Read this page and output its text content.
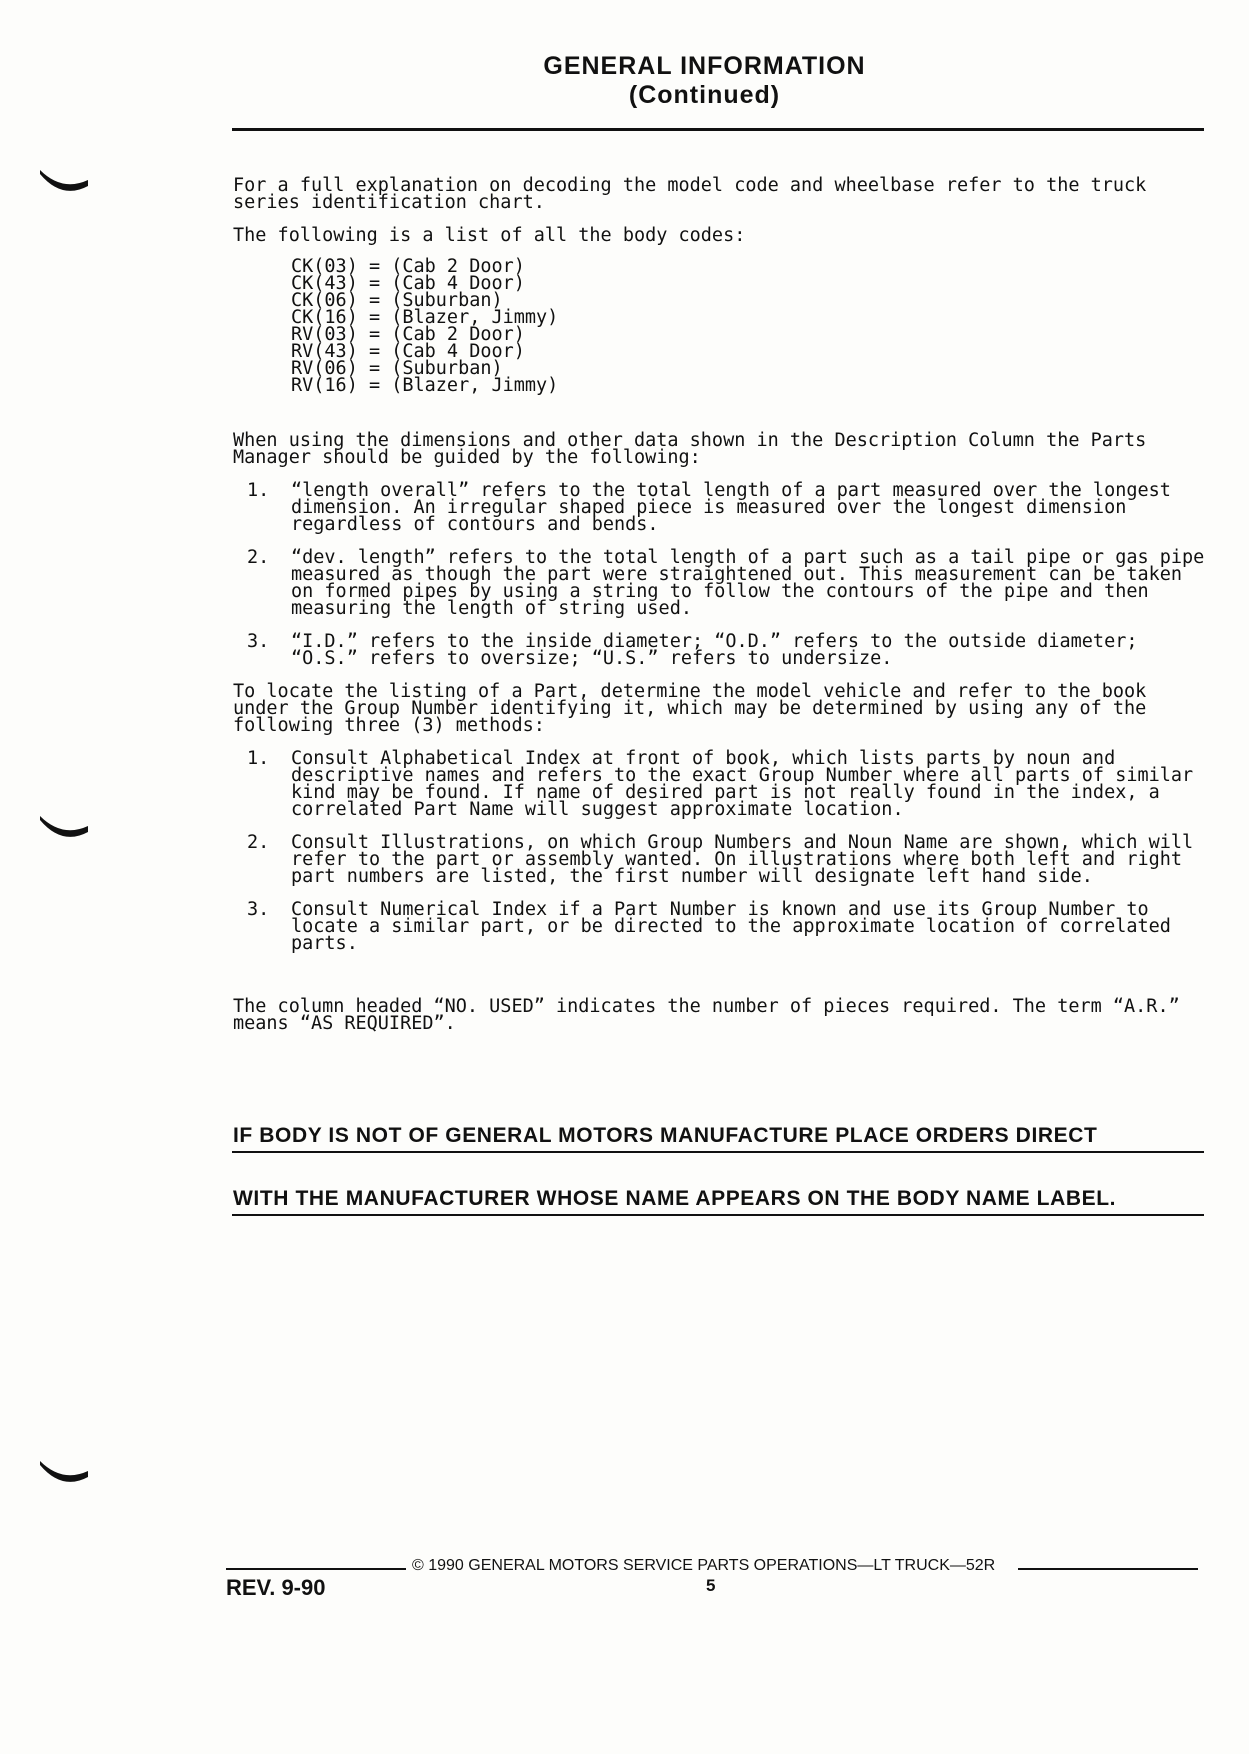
GENERAL INFORMATION
(Continued)

For a full explanation on decoding the model code and wheelbase refer to the truck series identification chart.

The following is a list of all the body codes:

CK(03) = (Cab 2 Door)
CK(43) = (Cab 4 Door)
CK(06) = (Suburban)
CK(16) = (Blazer, Jimmy)
RV(03) = (Cab 2 Door)
RV(43) = (Cab 4 Door)
RV(06) = (Suburban)
RV(16) = (Blazer, Jimmy)

When using the dimensions and other data shown in the Description Column the Parts Manager should be guided by the following:

1.	“length overall” refers to the total length of a part measured over the longest dimension. An irregular shaped piece is measured over the longest dimension regardless of contours and bends.
2.	“dev. length” refers to the total length of a part such as a tail pipe or gas pipe measured as though the part were straightened out. This measurement can be taken on formed pipes by using a string to follow the contours of the pipe and then measuring the length of string used.
3.	“I.D.” refers to the inside diameter; “O.D.” refers to the outside diameter; “O.S.” refers to oversize; “U.S.” refers to undersize.

To locate the listing of a Part, determine the model vehicle and refer to the book under the Group Number identifying it, which may be determined by using any of the following three (3) methods:

1.	Consult Alphabetical Index at front of book, which lists parts by noun and descriptive names and refers to the exact Group Number where all parts of similar kind may be found. If name of desired part is not really found in the index, a correlated Part Name will suggest approximate location.
2.	Consult Illustrations, on which Group Numbers and Noun Name are shown, which will refer to the part or assembly wanted. On illustrations where both left and right part numbers are listed, the first number will designate left hand side.
3.	Consult Numerical Index if a Part Number is known and use its Group Number to locate a similar part, or be directed to the approximate location of correlated parts.

The column headed “NO. USED” indicates the number of pieces required. The term “A.R.” means “AS REQUIRED”.

IF BODY IS NOT OF GENERAL MOTORS MANUFACTURE PLACE ORDERS DIRECT
WITH THE MANUFACTURER WHOSE NAME APPEARS ON THE BODY NAME LABEL.
© 1990 GENERAL MOTORS SERVICE PARTS OPERATIONS—LT TRUCK—52R
REV. 9-90	5
